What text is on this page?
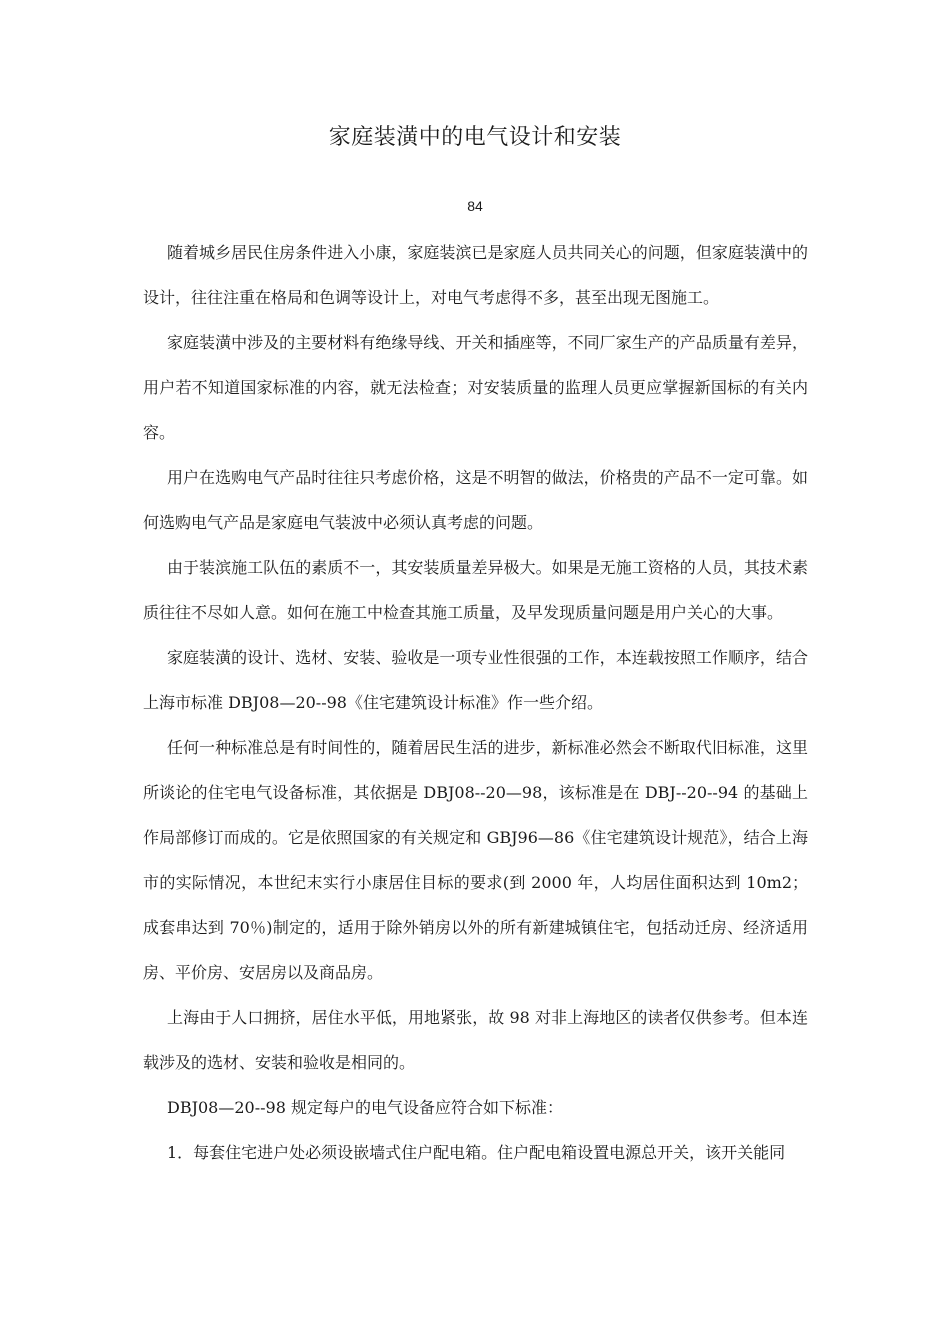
家庭装潢中的电气设计和安装
84

随着城乡居民住房条件进入小康，家庭装滨已是家庭人员共同关心的问题，但家庭装潢中的设计，往往注重在格局和色调等设计上，对电气考虑得不多，甚至出现无图施工。

家庭装潢中涉及的主要材料有绝缘导线、开关和插座等，不同厂家生产的产品质量有差异，用户若不知道国家标准的内容，就无法检查；对安装质量的监理人员更应掌握新国标的有关内容。

用户在选购电气产品时往往只考虑价格，这是不明智的做法，价格贵的产品不一定可靠。如何选购电气产品是家庭电气装波中必须认真考虑的问题。

由于装滨施工队伍的素质不一，其安装质量差异极大。如果是无施工资格的人员，其技术素质往往不尽如人意。如何在施工中检查其施工质量，及早发现质量问题是用户关心的大事。

家庭装潢的设计、选材、安装、验收是一项专业性很强的工作，本连载按照工作顺序，结合上海市标准 DBJ08—20--98《住宅建筑设计标准》作一些介绍。

任何一种标准总是有时间性的，随着居民生活的进步，新标准必然会不断取代旧标准，这里所谈论的住宅电气设备标准，其依据是 DBJ08--20—98，该标准是在 DBJ--20--94 的基础上作局部修订而成的。它是依照国家的有关规定和 GBJ96—86《住宅建筑设计规范》，结合上海市的实际情况，本世纪末实行小康居住目标的要求(到 2000 年，人均居住面积达到 10m2；成套串达到 70％)制定的，适用于除外销房以外的所有新建城镇住宅，包括动迁房、经济适用房、平价房、安居房以及商品房。

上海由于人口拥挤，居住水平低，用地紧张，故 98 对非上海地区的读者仅供参考。但本连载涉及的选材、安装和验收是相同的。

DBJ08—20--98 规定每户的电气设备应符合如下标准：

1．每套住宅进户处必须设嵌墙式住户配电箱。住户配电箱设置电源总开关，该开关能同
